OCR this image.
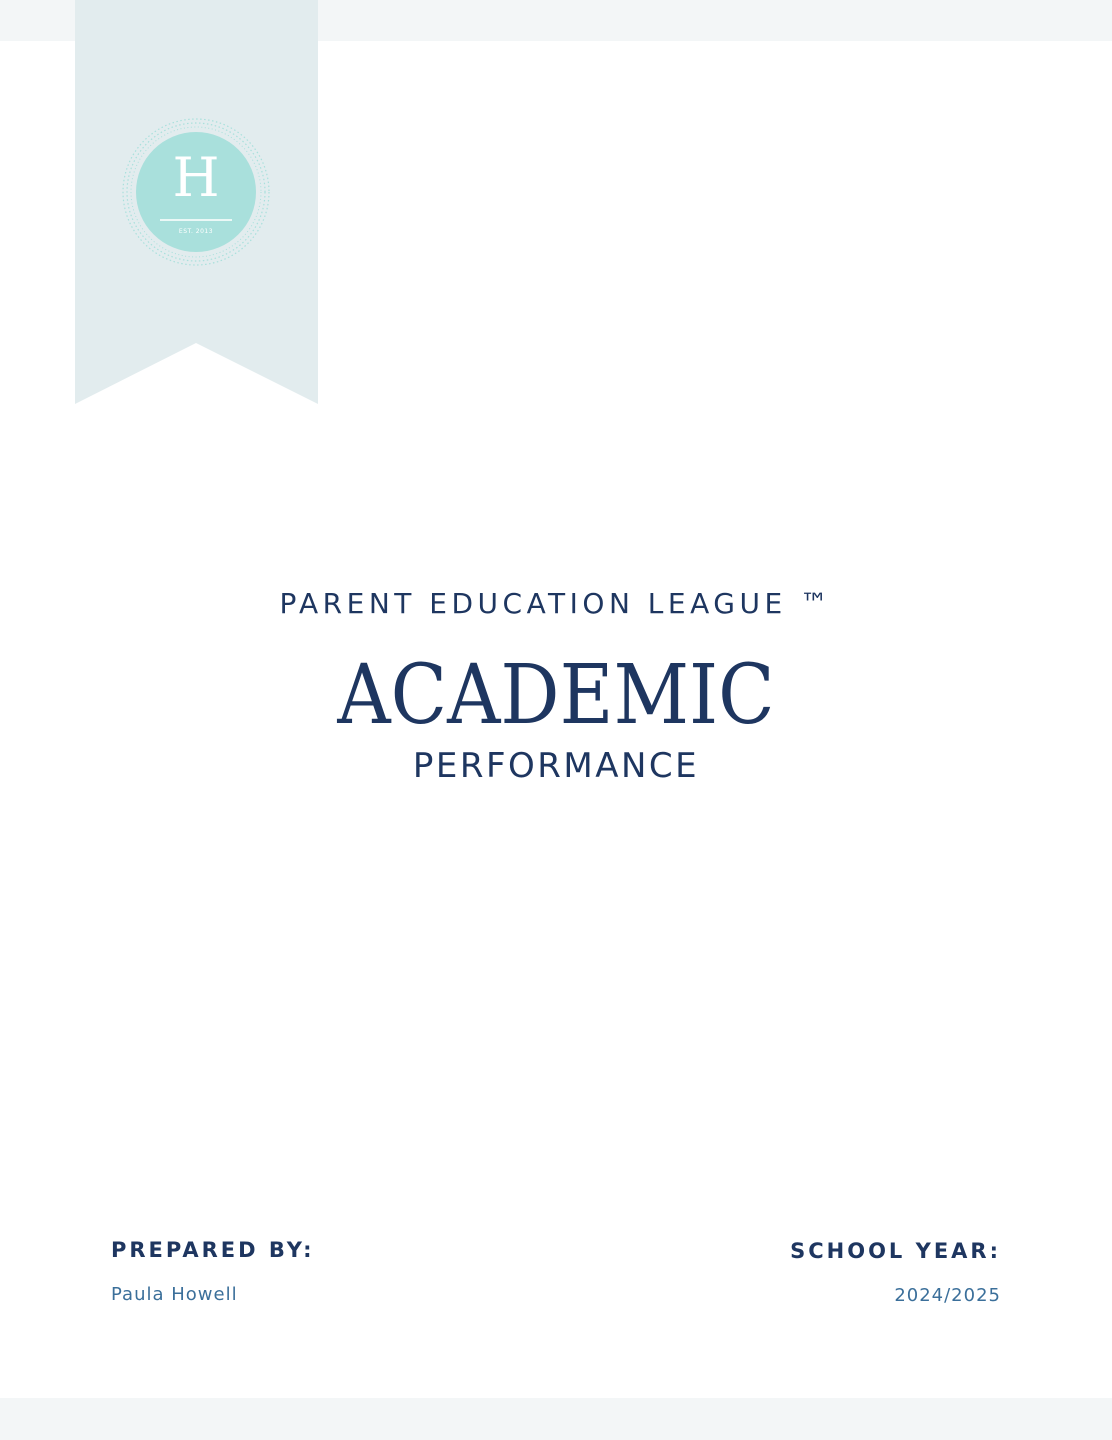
H
EST. 2013
PARENT EDUCATION LEAGUE ™
ACADEMIC
PERFORMANCE
PREPARED BY:
Paula Howell
SCHOOL YEAR:
2024/2025
